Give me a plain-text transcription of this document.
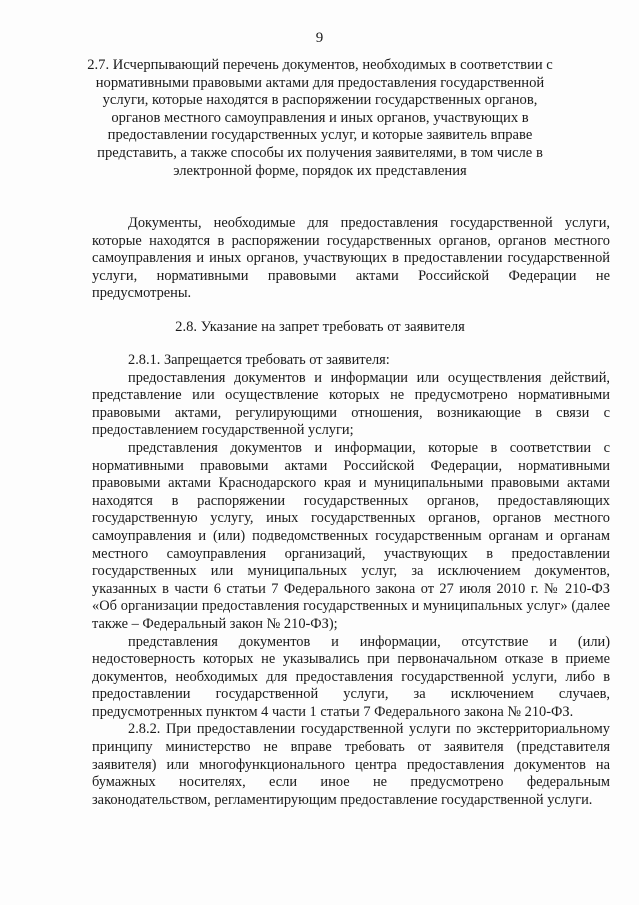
9
2.7. Исчерпывающий перечень документов, необходимых в соответствии с нормативными правовыми актами для предоставления государственной услуги, которые находятся в распоряжении государственных органов, органов местного самоуправления и иных органов, участвующих в предоставлении государственных услуг, и которые заявитель вправе представить, а также способы их получения заявителями, в том числе в электронной форме, порядок их представления

Документы, необходимые для предоставления государственной услуги, которые находятся в распоряжении государственных органов, органов местного самоуправления и иных органов, участвующих в предоставлении государственной услуги, нормативными правовыми актами Российской Федерации не предусмотрены.

2.8. Указание на запрет требовать от заявителя

2.8.1. Запрещается требовать от заявителя:

предоставления документов и информации или осуществления действий, представление или осуществление которых не предусмотрено нормативными правовыми актами, регулирующими отношения, возникающие в связи с предоставлением государственной услуги;

представления документов и информации, которые в соответствии с нормативными правовыми актами Российской Федерации, нормативными правовыми актами Краснодарского края и муниципальными правовыми актами находятся в распоряжении государственных органов, предоставляющих государственную услугу, иных государственных органов, органов местного самоуправления и (или) подведомственных государственным органам и органам местного самоуправления организаций, участвующих в предоставлении государственных или муниципальных услуг, за исключением документов, указанных в части 6 статьи 7 Федерального закона от 27 июля 2010 г. № 210-ФЗ «Об организации предоставления государственных и муниципальных услуг» (далее также – Федеральный закон № 210-ФЗ);

представления документов и информации, отсутствие и (или) недостоверность которых не указывались при первоначальном отказе в приеме документов, необходимых для предоставления государственной услуги, либо в предоставлении государственной услуги, за исключением случаев, предусмотренных пунктом 4 части 1 статьи 7 Федерального закона № 210-ФЗ.

2.8.2. При предоставлении государственной услуги по экстерриториальному принципу министерство не вправе требовать от заявителя (представителя заявителя) или многофункционального центра предоставления документов на бумажных носителях, если иное не предусмотрено федеральным законодательством, регламентирующим предоставление государственной услуги.
